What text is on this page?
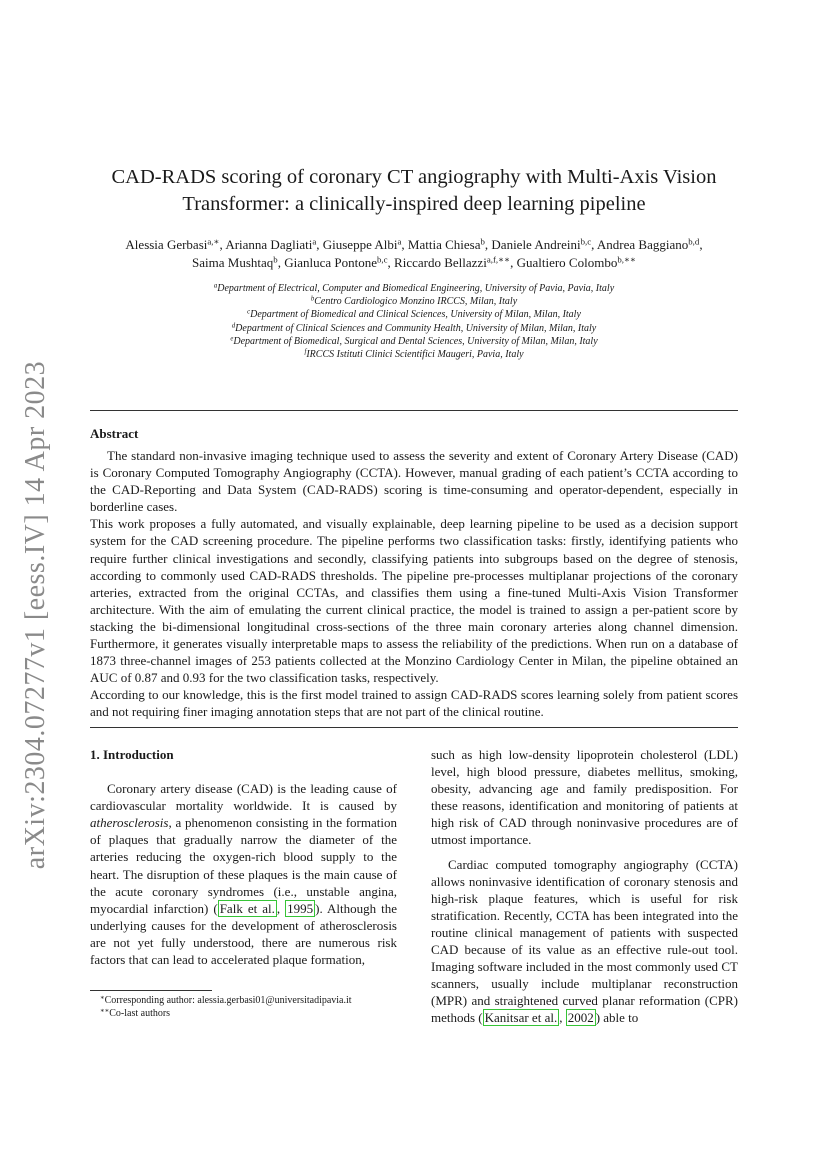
arXiv:2304.07277v1 [eess.IV] 14 Apr 2023
CAD-RADS scoring of coronary CT angiography with Multi-Axis Vision
Transformer: a clinically-inspired deep learning pipeline
Alessia Gerbasi$^{a,∗}$, Arianna Dagliati$^a$, Giuseppe Albi$^a$, Mattia Chiesa$^b$, Daniele Andreini$^{b,c}$, Andrea Baggiano$^{b,d}$,
Saima Mushtaq$^b$, Gianluca Pontone$^{b,c}$, Riccardo Bellazzi$^{a,f,∗∗}$, Gualtiero Colombo$^{b,∗∗}$
$^a$Department of Electrical, Computer and Biomedical Engineering, University of Pavia, Pavia, Italy
$^b$Centro Cardiologico Monzino IRCCS, Milan, Italy
$^c$Department of Biomedical and Clinical Sciences, University of Milan, Milan, Italy
$^d$Department of Clinical Sciences and Community Health, University of Milan, Milan, Italy
$^e$Department of Biomedical, Surgical and Dental Sciences, University of Milan, Milan, Italy
$^f$IRCCS Istituti Clinici Scientifici Maugeri, Pavia, Italy
Abstract

The standard non-invasive imaging technique used to assess the severity and extent of Coronary Artery Disease (CAD) is Coronary Computed Tomography Angiography (CCTA). However, manual grading of each patient’s CCTA according to the CAD-Reporting and Data System (CAD-RADS) scoring is time-consuming and operator-dependent, especially in borderline cases.

This work proposes a fully automated, and visually explainable, deep learning pipeline to be used as a decision support system for the CAD screening procedure. The pipeline performs two classification tasks: firstly, identifying patients who require further clinical investigations and secondly, classifying patients into subgroups based on the degree of stenosis, according to commonly used CAD-RADS thresholds. The pipeline pre-processes multiplanar projections of the coronary arteries, extracted from the original CCTAs, and classifies them using a fine-tuned Multi-Axis Vision Transformer architecture. With the aim of emulating the current clinical practice, the model is trained to assign a per-patient score by stacking the bi-dimensional longitudinal cross-sections of the three main coronary arteries along channel dimension. Furthermore, it generates visually interpretable maps to assess the reliability of the predictions. When run on a database of 1873 three-channel images of 253 patients collected at the Monzino Cardiology Center in Milan, the pipeline obtained an AUC of 0.87 and 0.93 for the two classification tasks, respectively.

According to our knowledge, this is the first model trained to assign CAD-RADS scores learning solely from patient scores and not requiring finer imaging annotation steps that are not part of the clinical routine.

1. Introduction

Coronary artery disease (CAD) is the leading cause of cardiovascular mortality worldwide. It is caused by atherosclerosis, a phenomenon consisting in the formation of plaques that gradually narrow the diameter of the arteries reducing the oxygen-rich blood supply to the heart. The disruption of these plaques is the main cause of the acute coronary syndromes (i.e., unstable angina, myocardial infarction) ( Falk et al. , 1995 ). Although the underlying causes for the development of atherosclerosis are not yet fully understood, there are numerous risk factors that can lead to accelerated plaque formation,

such as high low-density lipoprotein cholesterol (LDL) level, high blood pressure, diabetes mellitus, smoking, obesity, advancing age and family predisposition. For these reasons, identification and monitoring of patients at high risk of CAD through noninvasive procedures are of utmost importance.

Cardiac computed tomography angiography (CCTA) allows noninvasive identification of coronary stenosis and high-risk plaque features, which is useful for risk stratification. Recently, CCTA has been integrated into the routine clinical management of patients with suspected CAD because of its value as an effective rule-out tool. Imaging software included in the most commonly used CT scanners, usually include multiplanar reconstruction (MPR) and straightened curved planar reformation (CPR) methods ( Kanitsar et al. , 2002 ) able to

∗Corresponding author: alessia.gerbasi01@universitadipavia.it
∗∗Co-last authors
